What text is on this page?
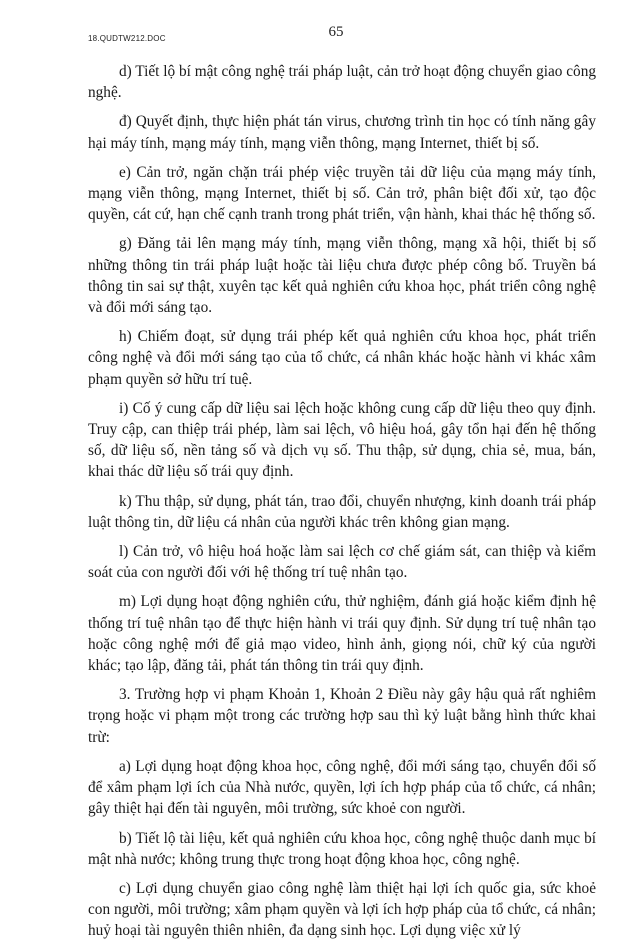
18.QUDTW212.DOC	65

d) Tiết lộ bí mật công nghệ trái pháp luật, cản trở hoạt động chuyển giao công nghệ.

đ) Quyết định, thực hiện phát tán virus, chương trình tin học có tính năng gây hại máy tính, mạng máy tính, mạng viễn thông, mạng Internet, thiết bị số.

e) Cản trở, ngăn chặn trái phép việc truyền tải dữ liệu của mạng máy tính, mạng viễn thông, mạng Internet, thiết bị số. Cản trở, phân biệt đối xử, tạo độc quyền, cát cứ, hạn chế cạnh tranh trong phát triển, vận hành, khai thác hệ thống số.

g) Đăng tải lên mạng máy tính, mạng viễn thông, mạng xã hội, thiết bị số những thông tin trái pháp luật hoặc tài liệu chưa được phép công bố. Truyền bá thông tin sai sự thật, xuyên tạc kết quả nghiên cứu khoa học, phát triển công nghệ và đổi mới sáng tạo.

h) Chiếm đoạt, sử dụng trái phép kết quả nghiên cứu khoa học, phát triển công nghệ và đổi mới sáng tạo của tổ chức, cá nhân khác hoặc hành vi khác xâm phạm quyền sở hữu trí tuệ.

i) Cố ý cung cấp dữ liệu sai lệch hoặc không cung cấp dữ liệu theo quy định. Truy cập, can thiệp trái phép, làm sai lệch, vô hiệu hoá, gây tổn hại đến hệ thống số, dữ liệu số, nền tảng số và dịch vụ số. Thu thập, sử dụng, chia sẻ, mua, bán, khai thác dữ liệu số trái quy định.

k) Thu thập, sử dụng, phát tán, trao đổi, chuyển nhượng, kinh doanh trái pháp luật thông tin, dữ liệu cá nhân của người khác trên không gian mạng.

l) Cản trở, vô hiệu hoá hoặc làm sai lệch cơ chế giám sát, can thiệp và kiểm soát của con người đối với hệ thống trí tuệ nhân tạo.

m) Lợi dụng hoạt động nghiên cứu, thử nghiệm, đánh giá hoặc kiểm định hệ thống trí tuệ nhân tạo để thực hiện hành vi trái quy định. Sử dụng trí tuệ nhân tạo hoặc công nghệ mới để giả mạo video, hình ảnh, giọng nói, chữ ký của người khác; tạo lập, đăng tải, phát tán thông tin trái quy định.

3. Trường hợp vi phạm Khoản 1, Khoản 2 Điều này gây hậu quả rất nghiêm trọng hoặc vi phạm một trong các trường hợp sau thì kỷ luật bằng hình thức khai trừ:

a) Lợi dụng hoạt động khoa học, công nghệ, đổi mới sáng tạo, chuyển đổi số để xâm phạm lợi ích của Nhà nước, quyền, lợi ích hợp pháp của tổ chức, cá nhân; gây thiệt hại đến tài nguyên, môi trường, sức khoẻ con người.

b) Tiết lộ tài liệu, kết quả nghiên cứu khoa học, công nghệ thuộc danh mục bí mật nhà nước; không trung thực trong hoạt động khoa học, công nghệ.

c) Lợi dụng chuyển giao công nghệ làm thiệt hại lợi ích quốc gia, sức khoẻ con người, môi trường; xâm phạm quyền và lợi ích hợp pháp của tổ chức, cá nhân; huỷ hoại tài nguyên thiên nhiên, đa dạng sinh học. Lợi dụng việc xử lý
